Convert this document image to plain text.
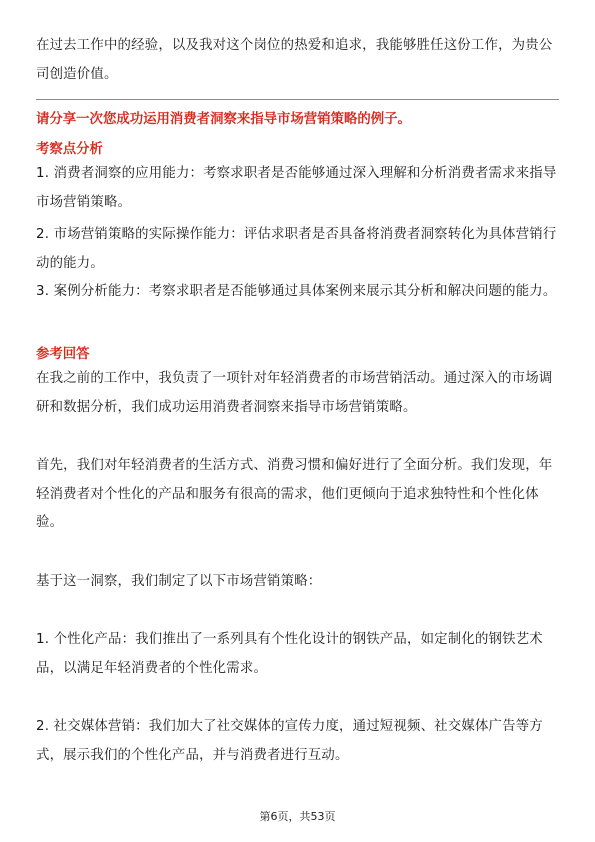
在过去工作中的经验，以及我对这个岗位的热爱和追求，我能够胜任这份工作，为贵公司创造价值。

请分享一次您成功运用消费者洞察来指导市场营销策略的例子。

考察点分析

1. 消费者洞察的应用能力：考察求职者是否能够通过深入理解和分析消费者需求来指导市场营销策略。

2. 市场营销策略的实际操作能力：评估求职者是否具备将消费者洞察转化为具体营销行动的能力。

3. 案例分析能力：考察求职者是否能够通过具体案例来展示其分析和解决问题的能力。

参考回答

在我之前的工作中，我负责了一项针对年轻消费者的市场营销活动。通过深入的市场调研和数据分析，我们成功运用消费者洞察来指导市场营销策略。

首先，我们对年轻消费者的生活方式、消费习惯和偏好进行了全面分析。我们发现，年轻消费者对个性化的产品和服务有很高的需求，他们更倾向于追求独特性和个性化体验。

基于这一洞察，我们制定了以下市场营销策略：

1. 个性化产品：我们推出了一系列具有个性化设计的钢铁产品，如定制化的钢铁艺术品，以满足年轻消费者的个性化需求。

2. 社交媒体营销：我们加大了社交媒体的宣传力度，通过短视频、社交媒体广告等方式，展示我们的个性化产品，并与消费者进行互动。

第6页，共53页
